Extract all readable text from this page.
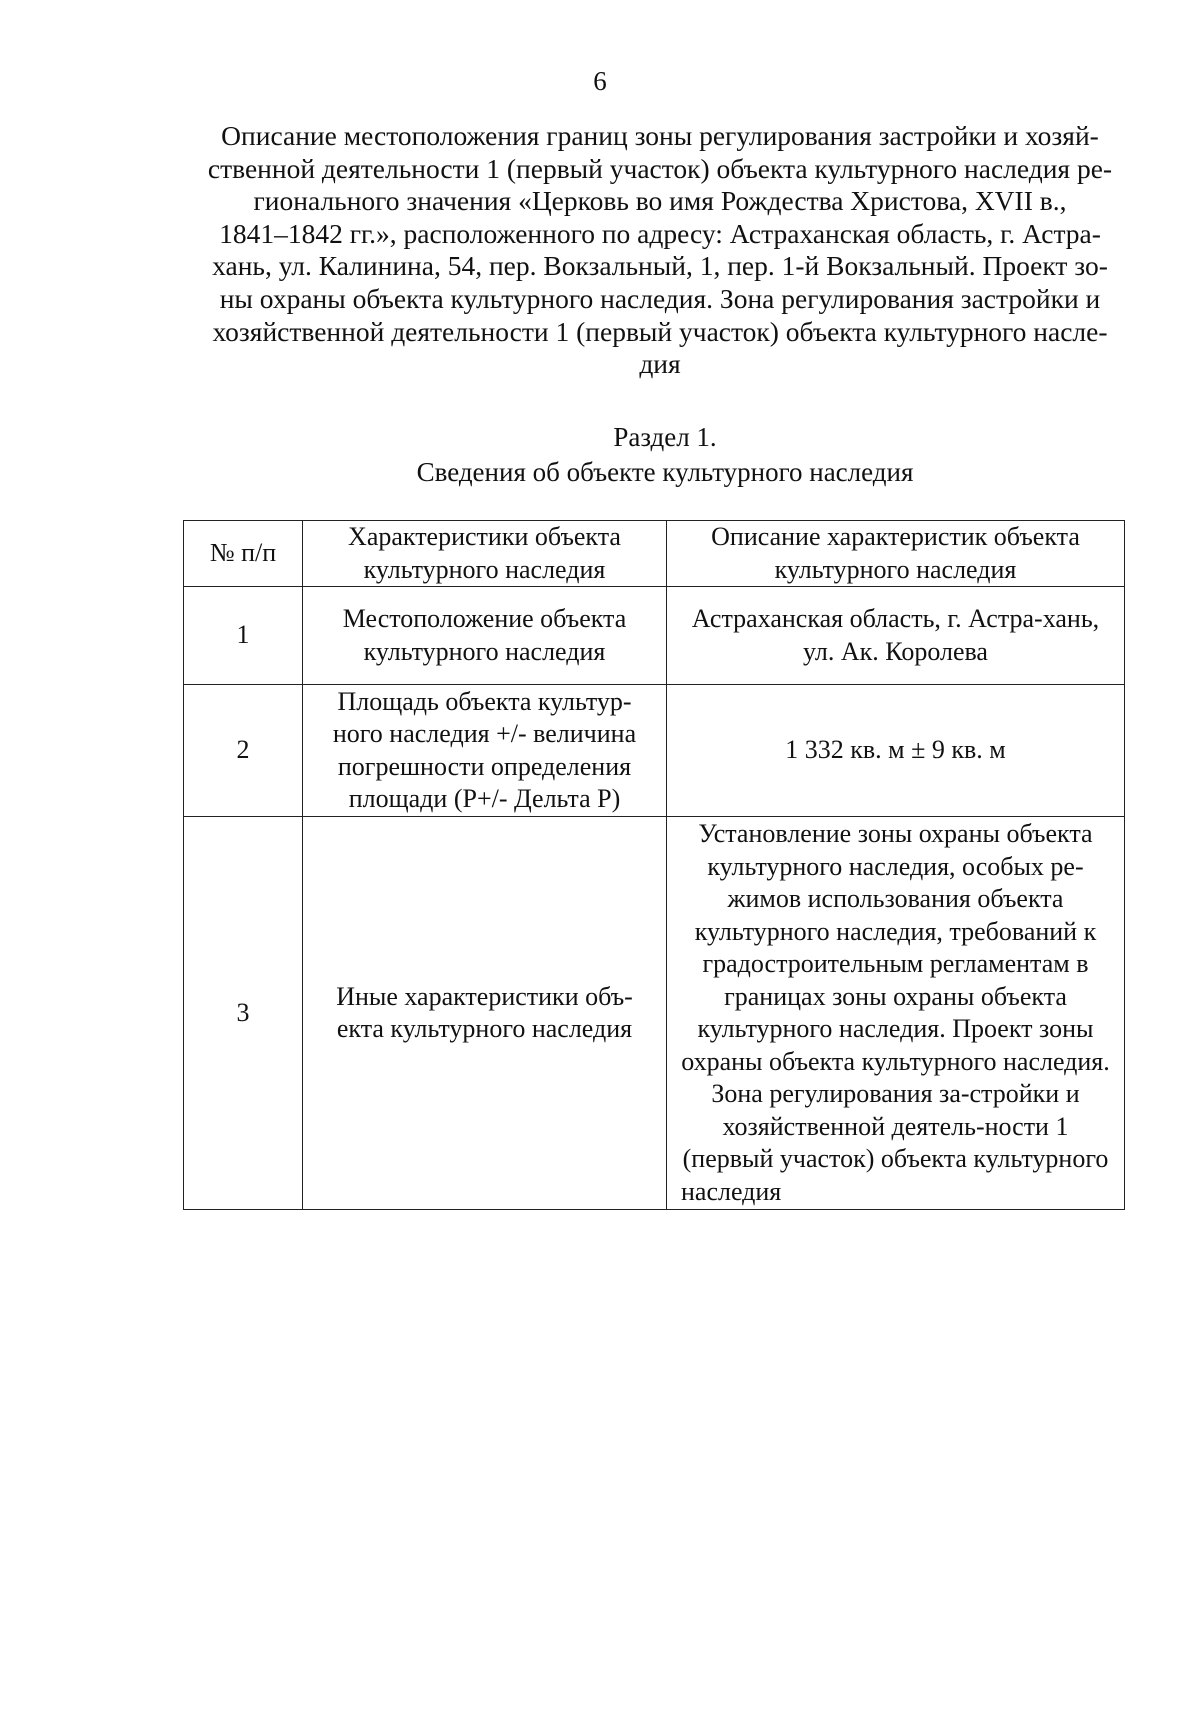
6
Описание местоположения границ зоны регулирования застройки и хозяй-
ственной деятельности 1 (первый участок) объекта культурного наследия ре-
гионального значения «Церковь во имя Рождества Христова, XVII в.,
1841–1842 гг.», расположенного по адресу: Астраханская область, г. Астра-
хань, ул. Калинина, 54, пер. Вокзальный, 1, пер. 1-й Вокзальный. Проект зо-
ны охраны объекта культурного наследия. Зона регулирования застройки и
хозяйственной деятельности 1 (первый участок) объекта культурного насле-
дия
Раздел 1.
Сведения об объекте культурного наследия
№ п/п	Характеристики объекта культурного наследия	Описание характеристик объекта культурного наследия
1	Местоположение объекта культурного наследия	Астраханская область, г. Астра-хань, ул. Ак. Королева
2	Площадь объекта культур-ного наследия +/- величина погрешности определения площади (Р+/- Дельта Р)	1 332 кв. м ± 9 кв. м
3	Иные характеристики объ-екта культурного наследия	Установление зоны охраны объекта культурного наследия, особых ре-жимов использования объекта культурного наследия, требований к градостроительным регламентам в границах зоны охраны объекта культурного наследия. Проект зоны охраны объекта культурного наследия. Зона регулирования за-стройки и хозяйственной деятель-ности 1 (первый участок) объекта культурного наследия
